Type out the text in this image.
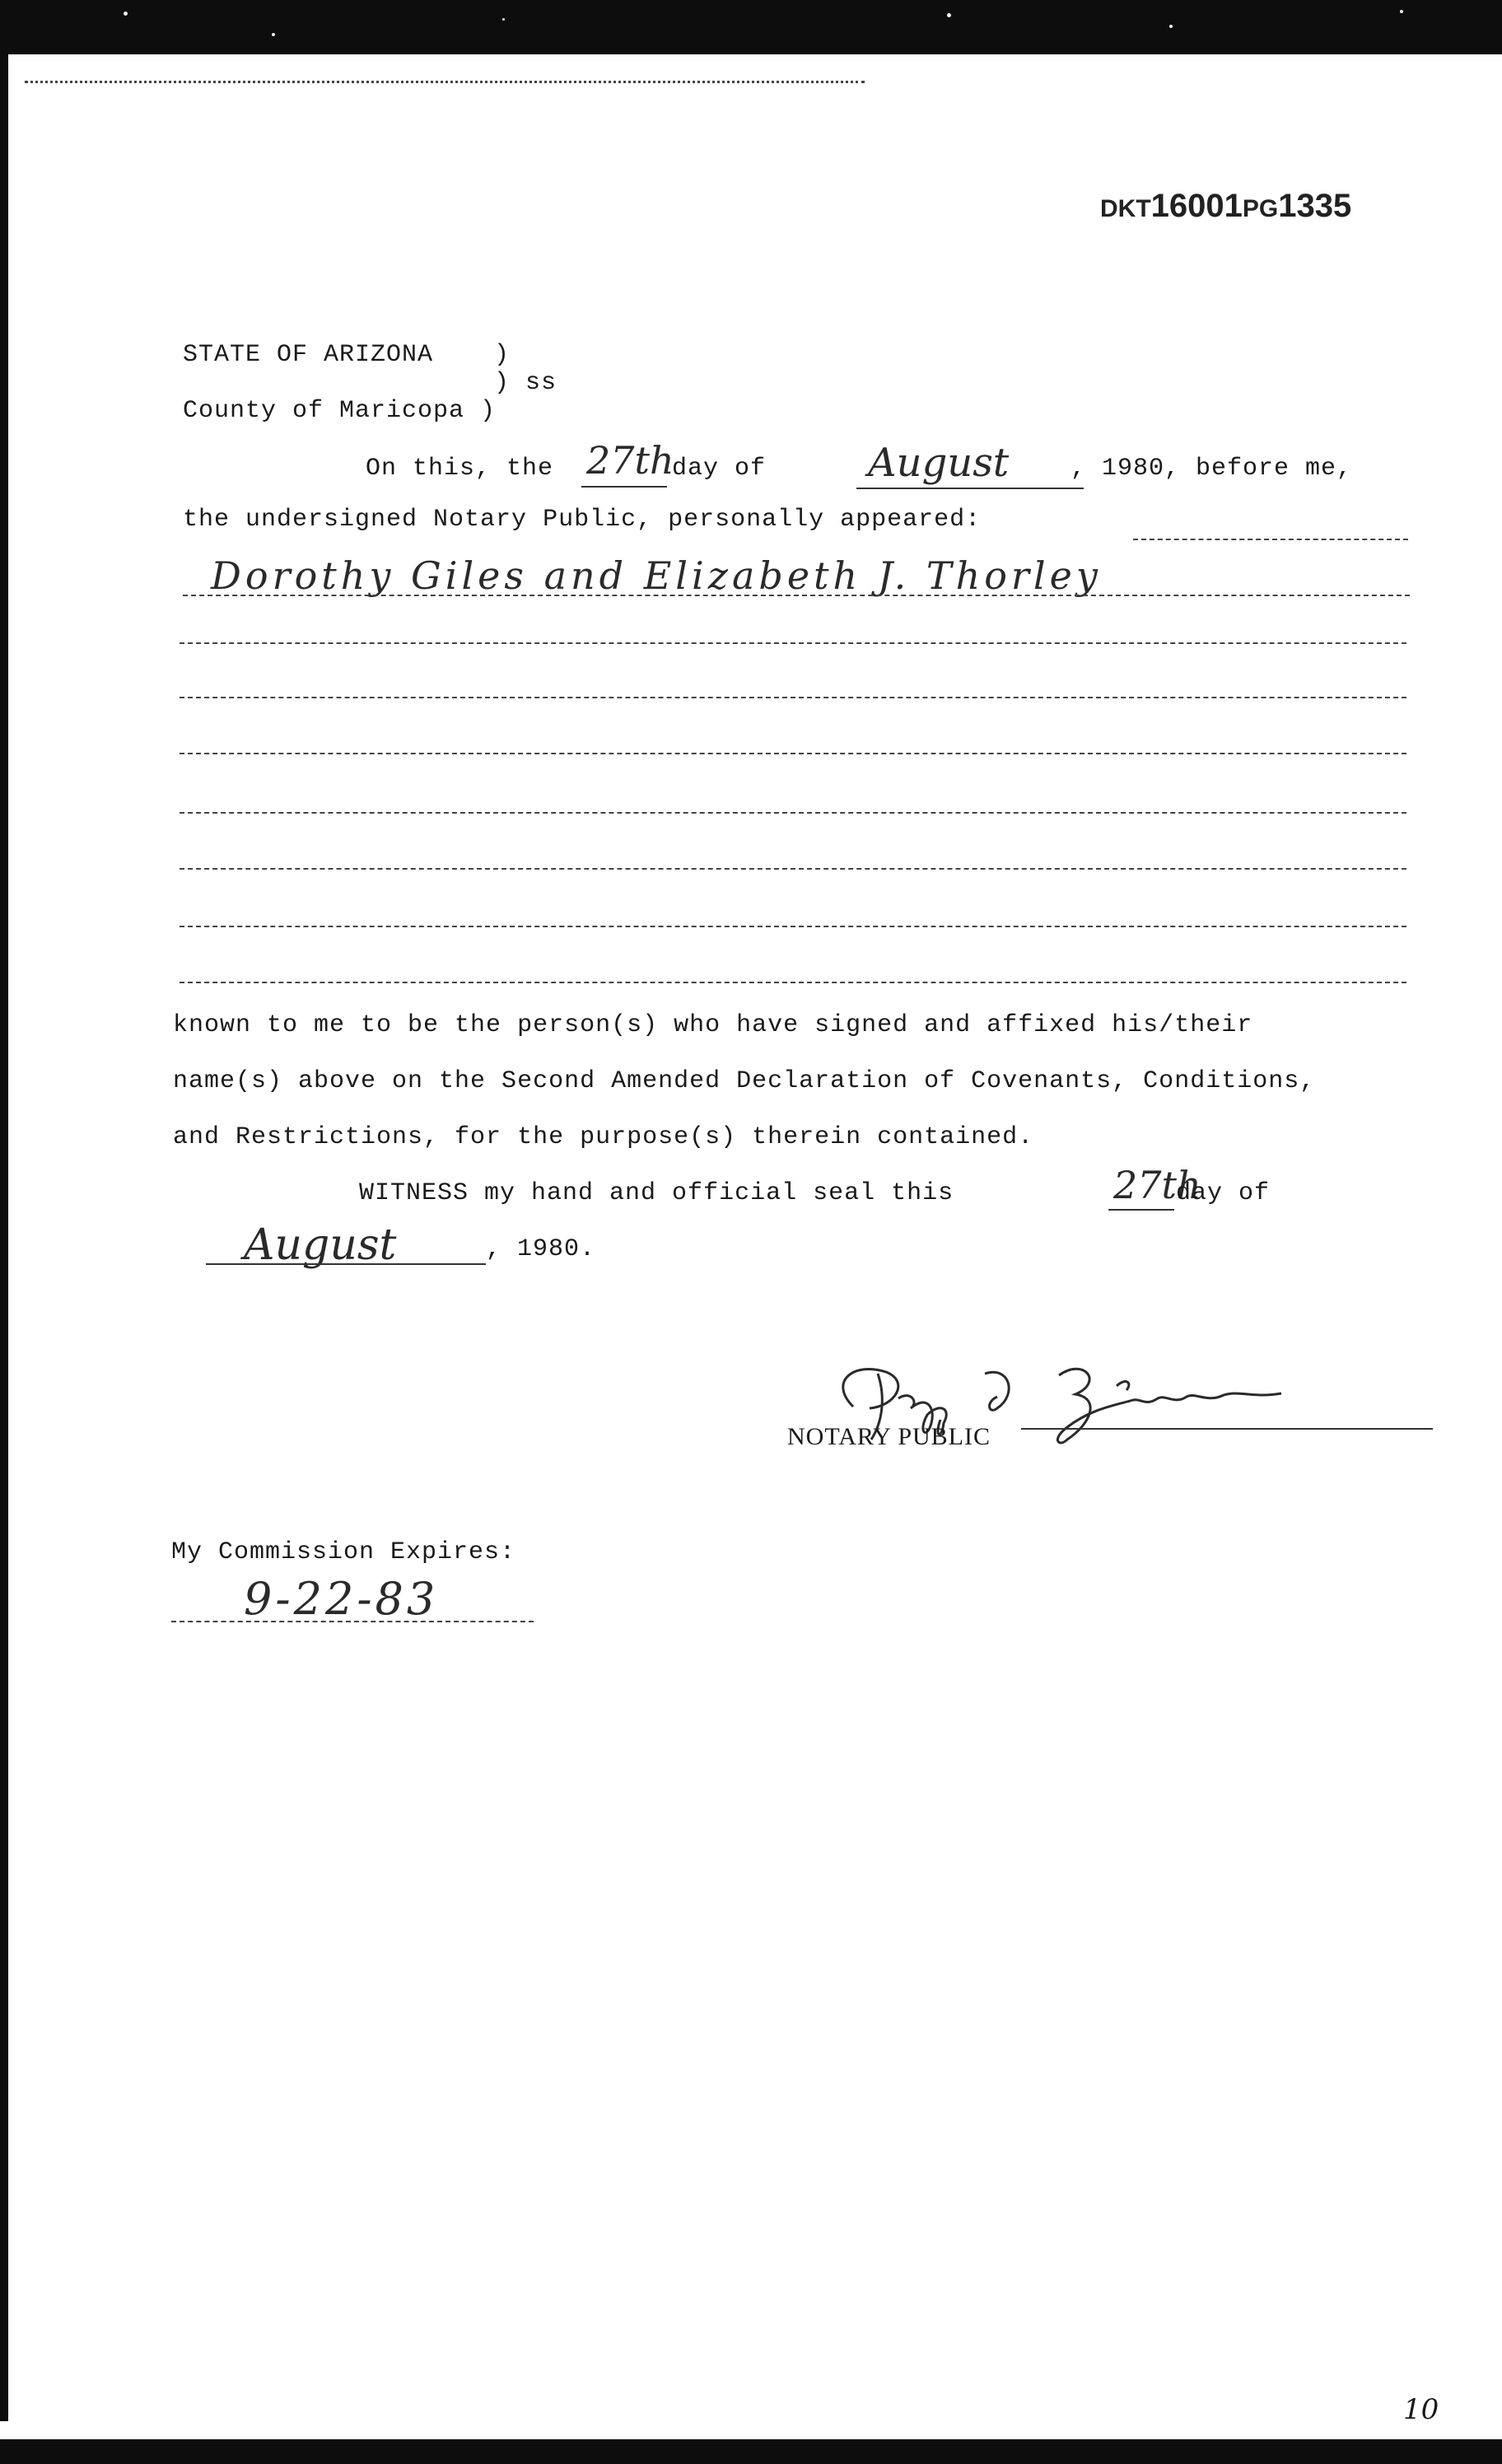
DKT16001PG1335
STATE OF ARIZONA )
) ss
County of Maricopa )
On this, the 27th
day of	August , 1980, before me,
the undersigned Notary Public, personally appeared:
Dorothy Giles and Elizabeth J. Thorley
known to me to be the person(s) who have signed and affixed his/their
name(s) above on the Second Amended Declaration of Covenants, Conditions,
and Restrictions, for the purpose(s) therein contained.
WITNESS my hand and official seal this	27th
day of
August	, 1980.
NOTARY PUBLIC
My Commission Expires:
9-22-83
10
